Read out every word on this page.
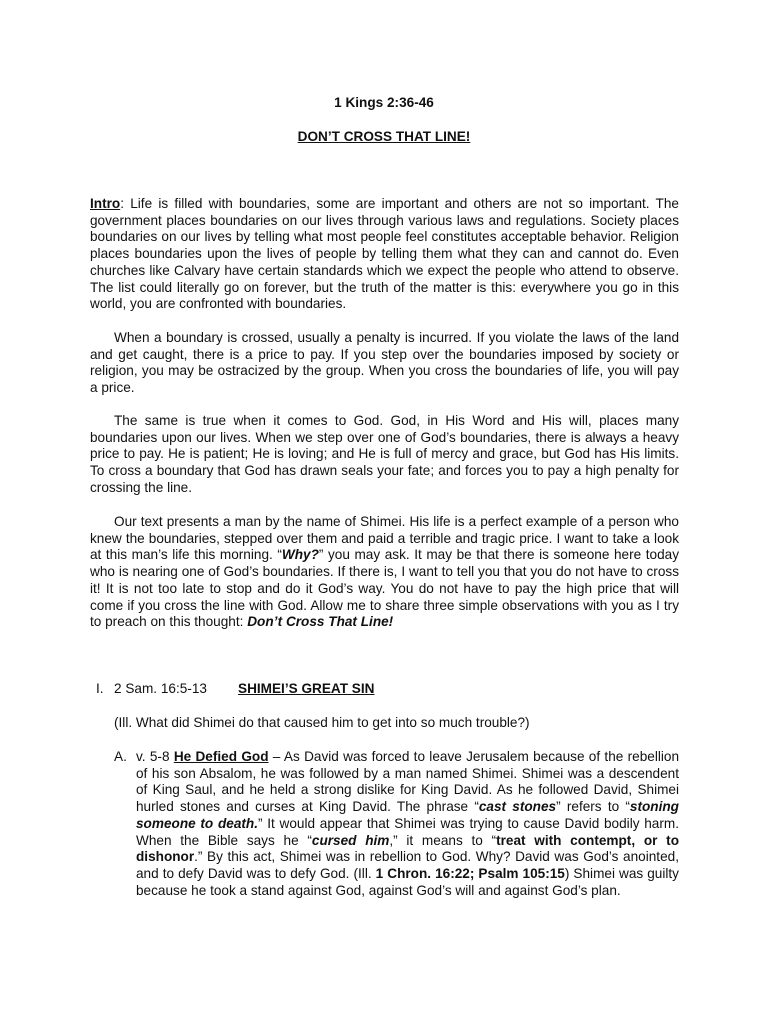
1 Kings 2:36-46
DON’T CROSS THAT LINE!

Intro: Life is filled with boundaries, some are important and others are not so important. The government places boundaries on our lives through various laws and regulations. Society places boundaries on our lives by telling what most people feel constitutes acceptable behavior. Religion places boundaries upon the lives of people by telling them what they can and cannot do. Even churches like Calvary have certain standards which we expect the people who attend to observe. The list could literally go on forever, but the truth of the matter is this: everywhere you go in this world, you are confronted with boundaries.

When a boundary is crossed, usually a penalty is incurred. If you violate the laws of the land and get caught, there is a price to pay. If you step over the boundaries imposed by society or religion, you may be ostracized by the group. When you cross the boundaries of life, you will pay a price.

The same is true when it comes to God. God, in His Word and His will, places many boundaries upon our lives. When we step over one of God’s boundaries, there is always a heavy price to pay. He is patient; He is loving; and He is full of mercy and grace, but God has His limits. To cross a boundary that God has drawn seals your fate; and forces you to pay a high penalty for crossing the line.

Our text presents a man by the name of Shimei. His life is a perfect example of a person who knew the boundaries, stepped over them and paid a terrible and tragic price. I want to take a look at this man’s life this morning. “Why?” you may ask. It may be that there is someone here today who is nearing one of God’s boundaries. If there is, I want to tell you that you do not have to cross it! It is not too late to stop and do it God’s way. You do not have to pay the high price that will come if you cross the line with God. Allow me to share three simple observations with you as I try to preach on this thought: Don’t Cross That Line!

I. 2 Sam. 16:5-13 SHIMEI’S GREAT SIN

(Ill. What did Shimei do that caused him to get into so much trouble?)

A. v. 5-8 He Defied God – As David was forced to leave Jerusalem because of the rebellion of his son Absalom, he was followed by a man named Shimei. Shimei was a descendent of King Saul, and he held a strong dislike for King David. As he followed David, Shimei hurled stones and curses at King David. The phrase “cast stones” refers to “stoning someone to death.” It would appear that Shimei was trying to cause David bodily harm. When the Bible says he “cursed him,” it means to “treat with contempt, or to dishonor.” By this act, Shimei was in rebellion to God. Why? David was God’s anointed, and to defy David was to defy God. (Ill. 1 Chron. 16:22; Psalm 105:15) Shimei was guilty because he took a stand against God, against God’s will and against God’s plan.
